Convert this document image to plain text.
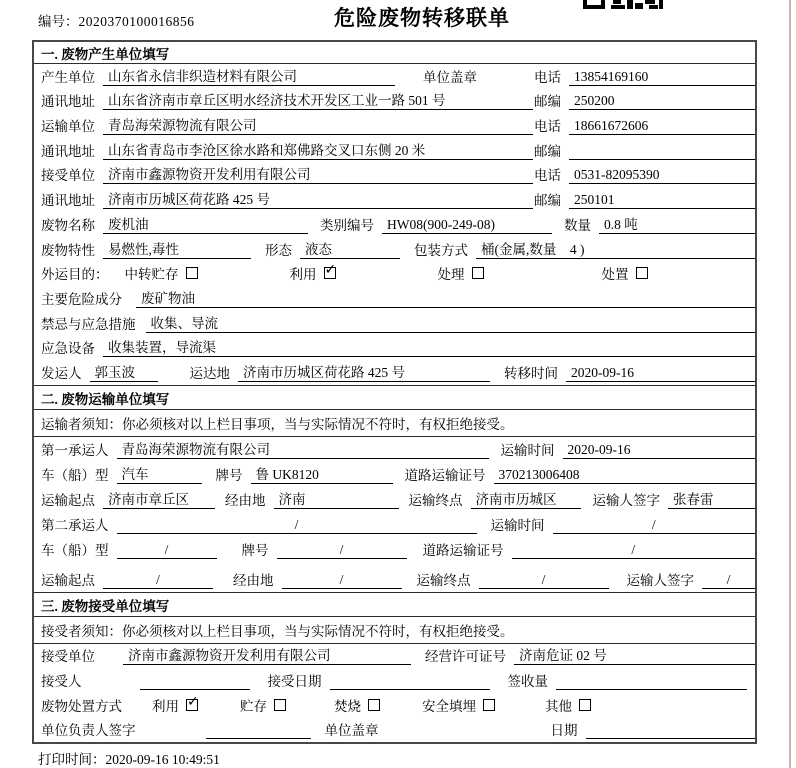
编号：2020370100016856	危险废物转移联单
一. 废物产生单位填写
产生单位 山东省永信非织造材料有限公司	单位盖章	电话 13854169160
通讯地址 山东省济南市章丘区明水经济技术开发区工业一路 501 号	邮编 250200
运输单位 青岛海荣源物流有限公司	电话 18661672606
通讯地址 山东省青岛市李沧区徐水路和郑佛路交叉口东侧 20 米	邮编
接受单位 济南市鑫源物资开发利用有限公司	电话 0531-82095390
通讯地址 济南市历城区荷花路 425 号	邮编 250101
废物名称 废机油	类别编号 HW08(900-249-08)	数量 0.8 吨
废物特性 易燃性,毒性	形态 液态	包装方式 桶(金属,数量　4 )
外运目的： 中转贮存	利用 ✓	处理	处置
主要危险成分	废矿物油
禁忌与应急措施	收集、导流
应急设备 收集装置，导流渠
发运人 郭玉波	运达地 济南市历城区荷花路 425 号	转移时间 2020-09-16
二. 废物运输单位填写
运输者须知：你必须核对以上栏目事项，当与实际情况不符时，有权拒绝接受。
第一承运人 青岛海荣源物流有限公司	运输时间 2020-09-16
车（船）型 汽车	牌号 鲁 UK8120	道路运输证号 370213006408
运输起点 济南市章丘区	经由地 济南	运输终点 济南市历城区	运输人签字 张春雷
第二承运人	/	运输时间	/
车（船）型	/	牌号	/	道路运输证号	/
运输起点	/	经由地	/	运输终点	/	运输人签字	/
三. 废物接受单位填写
接受者须知：你必须核对以上栏目事项，当与实际情况不符时，有权拒绝接受。
接受单位	济南市鑫源物资开发利用有限公司	经营许可证号 济南危证 02 号
接受人	接受日期	签收量
废物处置方式 利用 ✓	贮存	焚烧	安全填埋	其他
单位负责人签字	单位盖章	日期
打印时间：2020-09-16 10:49:51
